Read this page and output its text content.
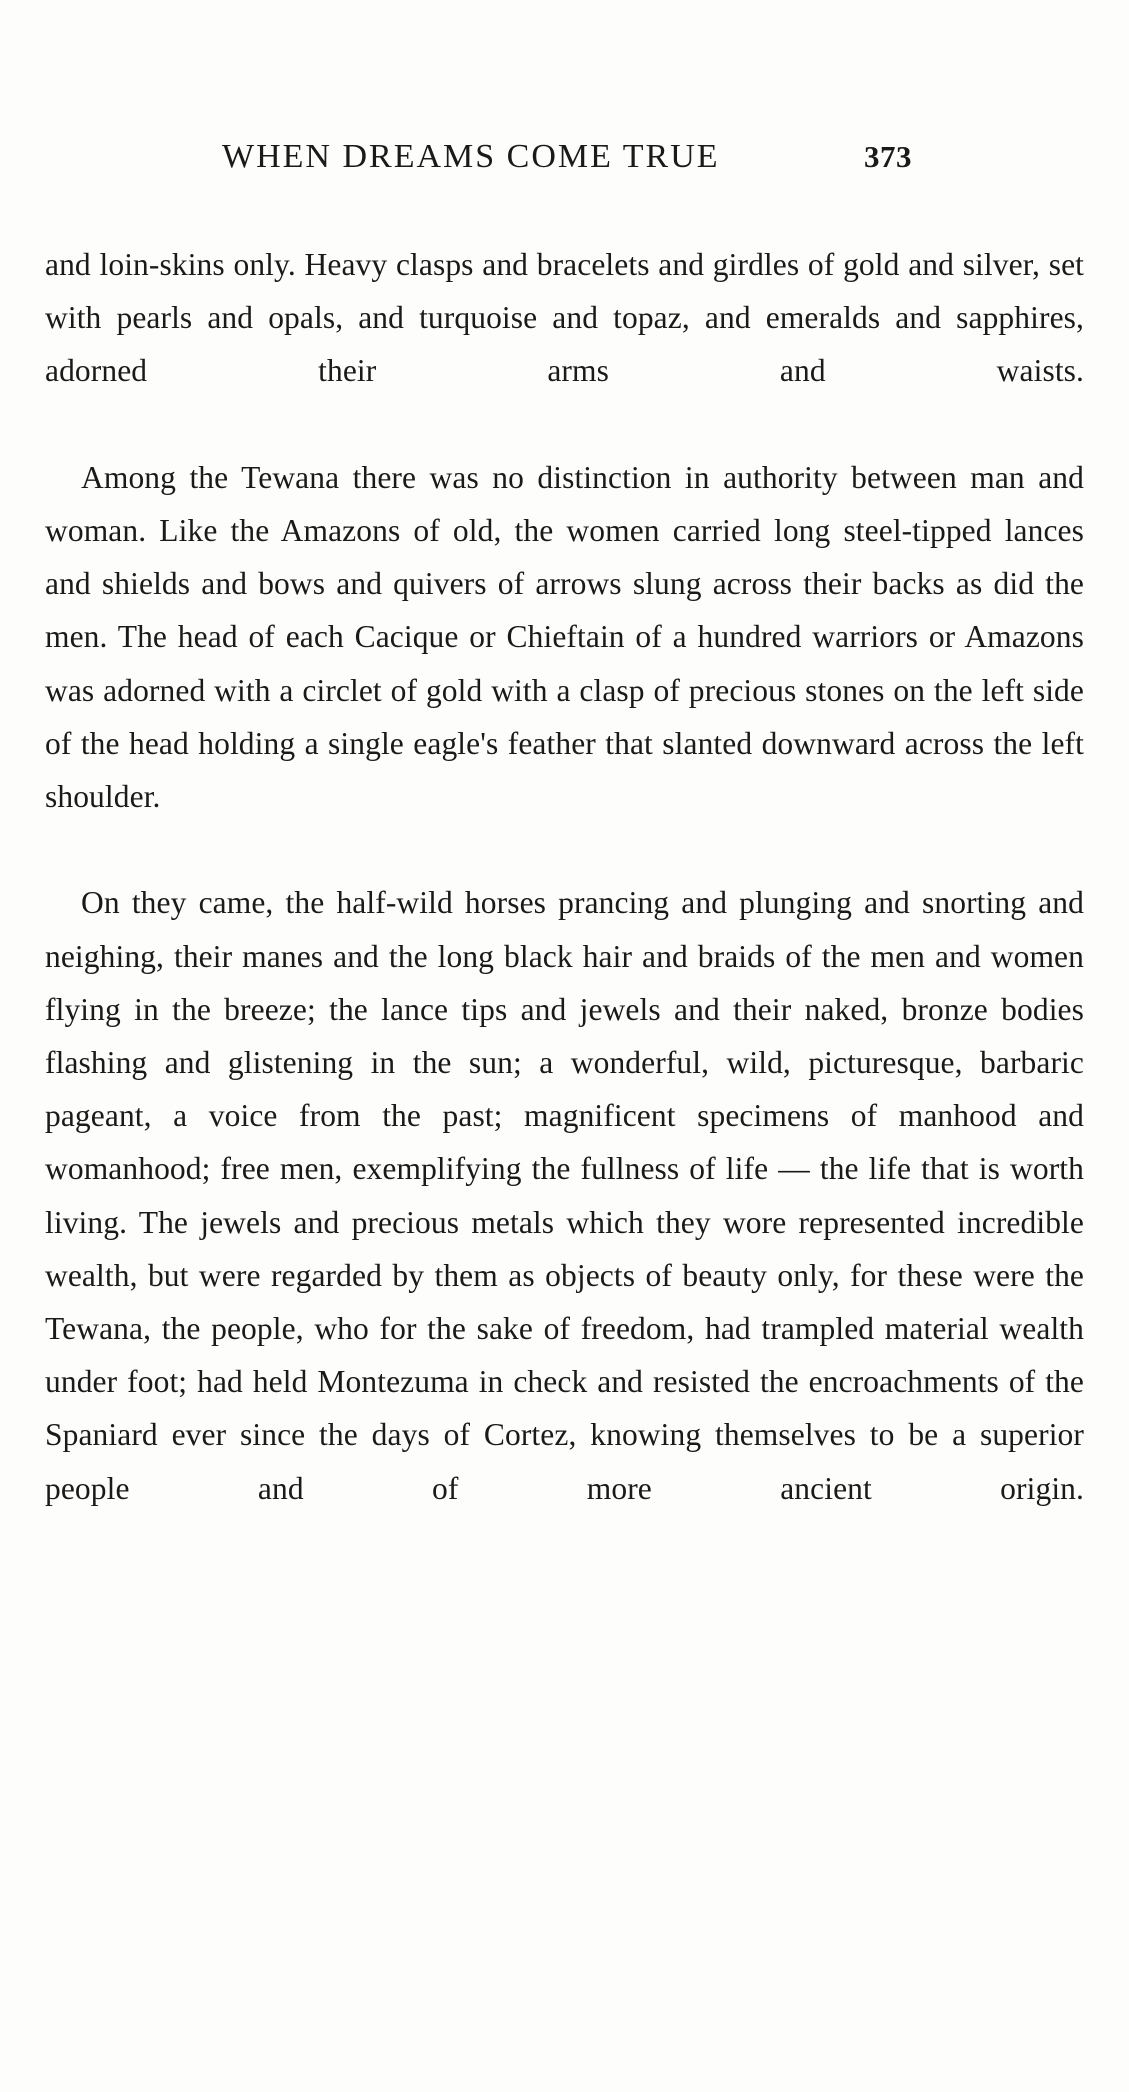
WHEN DREAMS COME TRUE	373

and loin-skins only. Heavy clasps and bracelets and girdles of gold and silver, set with pearls and opals, and turquoise and topaz, and emeralds and sapphires, adorned their arms and waists.

Among the Tewana there was no distinction in authority between man and woman. Like the Amazons of old, the women carried long steel-tipped lances and shields and bows and quivers of arrows slung across their backs as did the men. The head of each Cacique or Chieftain of a hundred warriors or Amazons was adorned with a circlet of gold with a clasp of precious stones on the left side of the head holding a single eagle's feather that slanted downward across the left shoulder.

On they came, the half-wild horses prancing and plunging and snorting and neighing, their manes and the long black hair and braids of the men and women flying in the breeze; the lance tips and jewels and their naked, bronze bodies flashing and glistening in the sun; a wonderful, wild, picturesque, barbaric pageant, a voice from the past; magnificent specimens of manhood and womanhood; free men, exemplifying the fullness of life — the life that is worth living. The jewels and precious metals which they wore represented incredible wealth, but were regarded by them as objects of beauty only, for these were the Tewana, the people, who for the sake of freedom, had trampled material wealth under foot; had held Montezuma in check and resisted the encroachments of the Spaniard ever since the days of Cortez, knowing themselves to be a superior people and of more ancient origin.
